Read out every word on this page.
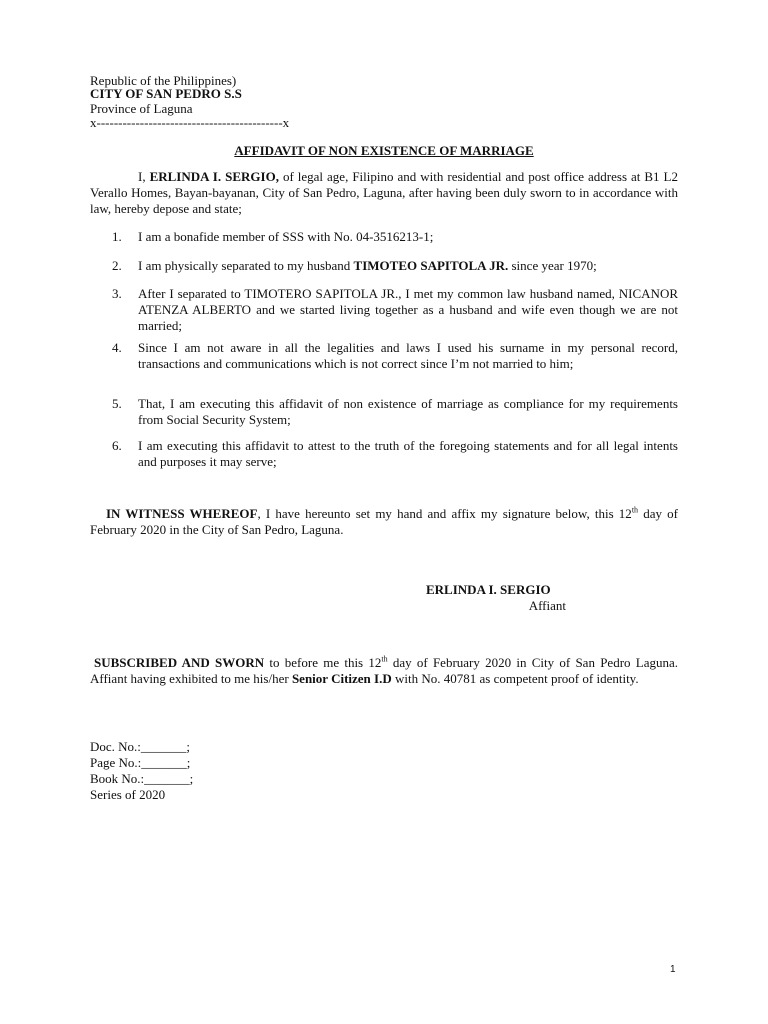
Republic of the Philippines)
CITY OF SAN PEDRO S.S
Province of Laguna
x-------------------------------------------x
AFFIDAVIT OF NON EXISTENCE OF MARRIAGE
I, ERLINDA I. SERGIO, of legal age, Filipino and with residential and post office address at B1 L2 Verallo Homes, Bayan-bayanan, City of San Pedro, Laguna, after having been duly sworn to in accordance with law, hereby depose and state;
1.	I am a bonafide member of SSS with No. 04-3516213-1;
2.	I am physically separated to my husband TIMOTEO SAPITOLA JR. since year 1970;
3.	After I separated to TIMOTERO SAPITOLA JR., I met my common law husband named, NICANOR ATENZA ALBERTO and we started living together as a husband and wife even though we are not married;
4.	Since I am not aware in all the legalities and laws I used his surname in my personal record, transactions and communications which is not correct since I’m not married to him;
5.	That, I am executing this affidavit of non existence of marriage as compliance for my requirements from Social Security System;
6.	I am executing this affidavit to attest to the truth of the foregoing statements and for all legal intents and purposes it may serve;
IN WITNESS WHEREOF, I have hereunto set my hand and affix my signature below, this 12th day of February 2020 in the City of San Pedro, Laguna.
ERLINDA I. SERGIO
Affiant
SUBSCRIBED AND SWORN to before me this 12th day of February 2020 in City of San Pedro Laguna. Affiant having exhibited to me his/her Senior Citizen I.D with No. 40781 as competent proof of identity.
Doc. No.:_______;
Page No.:_______;
Book No.:_______;
Series of 2020
1
